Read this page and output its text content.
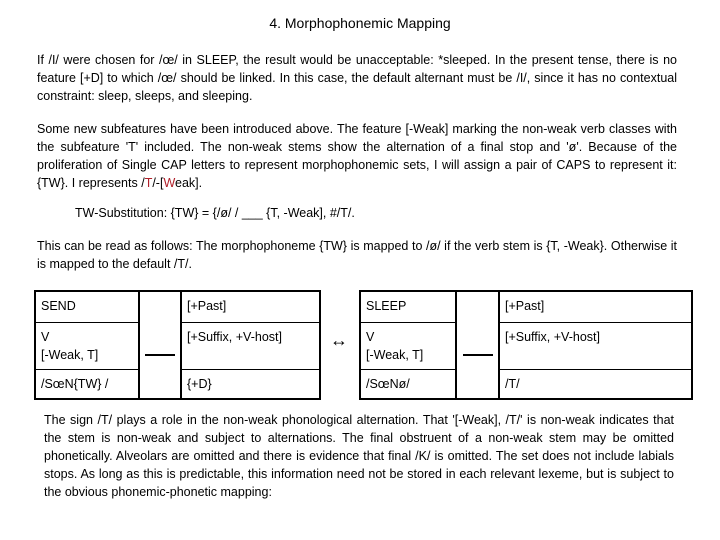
4. Morphophonemic Mapping

If /I/ were chosen for /œ/ in SLEEP, the result would be unacceptable: *sleeped. In the present tense, there is no feature [+D] to which /œ/ should be linked. In this case, the default alternant must be /I/, since it has no contextual constraint: sleep, sleeps, and sleeping.

Some new subfeatures have been introduced above. The feature [-Weak] marking the non-weak verb classes with the subfeature 'T' included. The non-weak stems show the alternation of a final stop and 'ø'. Because of the proliferation of Single CAP letters to represent morphophonemic sets, I will assign a pair of CAPS to represent it: {TW}. I represents /T/-[Weak].

TW-Substitution: {TW} = {/ø/ / ___ {T, -Weak], #/T/.

This can be read as follows: The morphophoneme {TW} is mapped to /ø/ if the verb stem is {T, -Weak}. Otherwise it is mapped to the default /T/.

SEND		[+Past]
V
[-Weak, T]		[+Suffix, +V-host]
/SœN{TW} /		{+D}
↔
SLEEP		[+Past]
V
[-Weak, T]		[+Suffix, +V-host]
/SœNø/		/T/

The sign /T/ plays a role in the non-weak phonological alternation. That '[-Weak], /T/' is non-weak indicates that the stem is non-weak and subject to alternations. The final obstruent of a non-weak stem may be omitted phonetically. Alveolars are omitted and there is evidence that final /K/ is omitted. The set does not include labials stops. As long as this is predictable, this information need not be stored in each relevant lexeme, but is subject to the obvious phonemic-phonetic mapping:
